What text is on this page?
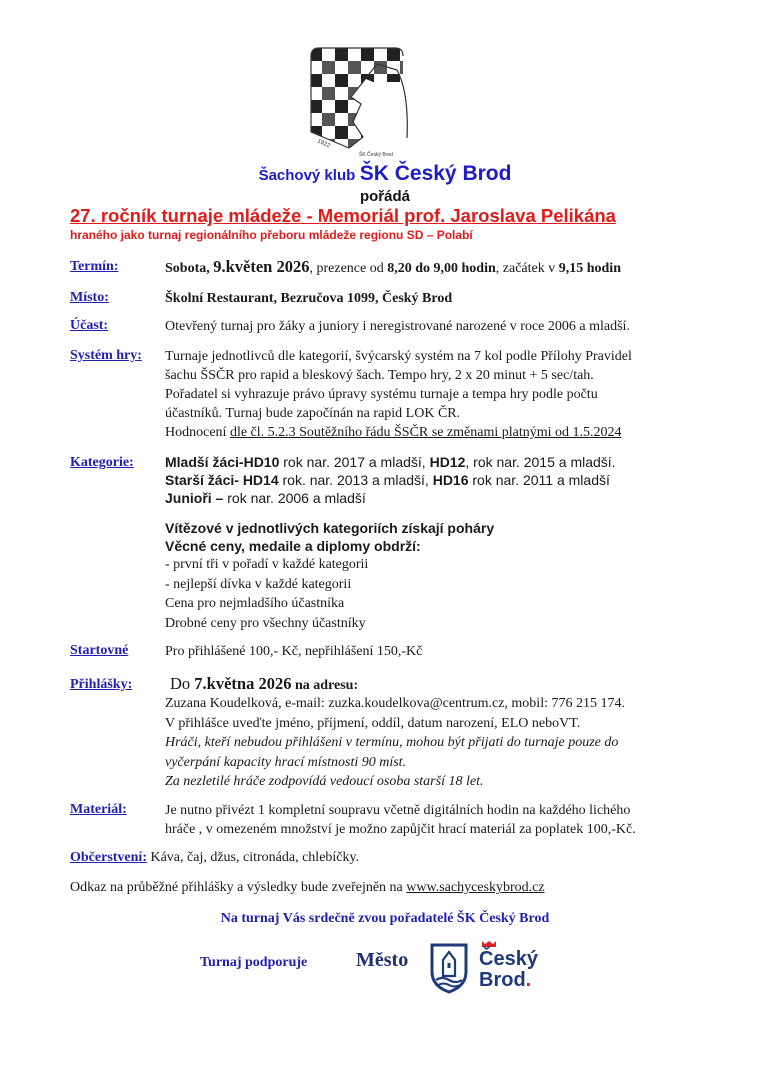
1922
ŠK Český Brod
Šachový klub ŠK Český Brod
pořádá
27. ročník turnaje mládeže - Memoriál prof. Jaroslava Pelikána
hraného jako turnaj regionálního přeboru mládeže regionu SD – Polabí
Termín:	Sobota, 9.květen 2026, prezence od 8,20 do 9,00 hodin, začátek v 9,15 hodin
Místo:	Školní Restaurant, Bezručova 1099, Český Brod
Účast:	Otevřený turnaj pro žáky a juniory i neregistrované narozené v roce 2006 a mladší.
Systém hry: Turnaje jednotlivců dle kategorií, švýcarský systém na 7 kol podle Přílohy Pravidel
šachu ŠSČR pro rapid a bleskový šach. Tempo hry, 2 x 20 minut + 5 sec/tah.
Pořadatel si vyhrazuje právo úpravy systému turnaje a tempa hry podle počtu
účastníků. Turnaj bude započínán na rapid LOK ČR.
Hodnocení dle čl. 5.2.3 Soutěžního řádu ŠSČR se změnami platnými od 1.5.2024
Kategorie: Mladší žáci-HD10 rok nar. 2017 a mladší, HD12, rok nar. 2015 a mladší.
Starší žáci- HD14 rok. nar. 2013 a mladší, HD16 rok nar. 2011 a mladší
Junioři – rok nar. 2006 a mladší
Vítězové v jednotlivých kategoriích získají poháry
Věcné ceny, medaile a diplomy obdrží:
- první tři v pořadí v každé kategorii
- nejlepší dívka v každé kategorii
Cena pro nejmladšího účastníka
Drobné ceny pro všechny účastníky
Startovné	Pro přihlášené 100,- Kč, nepřihlášení 150,-Kč
Přihlášky: Do 7.května 2026 na adresu:
Zuzana Koudelková, e-mail: zuzka.koudelkova@centrum.cz, mobil: 776 215 174.
V přihlášce uveďte jméno, příjmení, oddíl, datum narození, ELO neboVT.
Hráči, kteří nebudou přihlášeni v termínu, mohou být přijati do turnaje pouze do
vyčerpání kapacity hrací místnosti 90 míst.
Za nezletilé hráče zodpovídá vedoucí osoba starší 18 let.
Materiál:	Je nutno přivézt 1 kompletní soupravu včetně digitálních hodin na každého lichého
hráče , v omezeném množství je možno zapůjčit hrací materiál za poplatek 100,-Kč.
Občerstvení: Káva, čaj, džus, citronáda, chlebíčky.
Odkaz na průběžné přihlášky a výsledky bude zveřejněn na www.sachyceskybrod.cz
Na turnaj Vás srdečně zvou pořadatelé ŠK Český Brod
Turnaj podporuje Město	Český
Brod.
